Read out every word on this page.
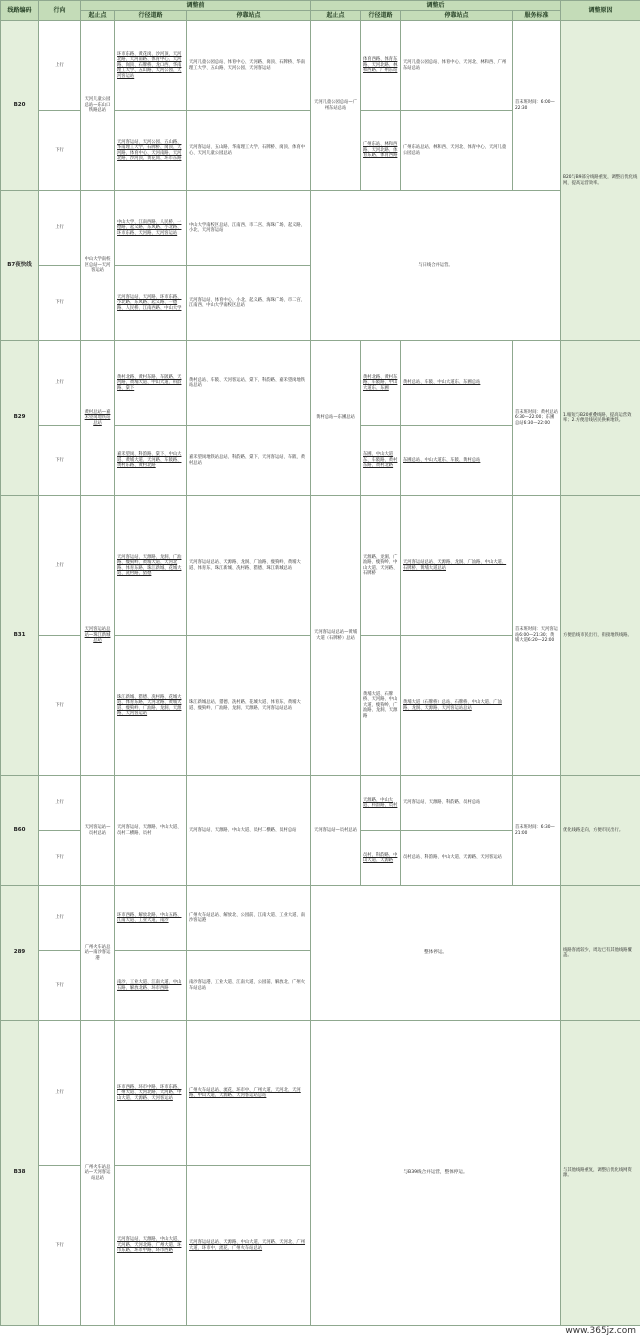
线路编码	行向	调整前			调整后				调整原因
		起止点	行径道路	停靠站点	起止点	行径道路	停靠站点	服务标准	
B20	上行	天河儿童公园总站—东山口铁路总站	环市东路、黄花岗、沙河顶、天河北路、天河南路、体育中心、天河路、岗顶、石牌桥、龙口西、华南理工大学、五山路、天河公园、天河客运站	天河儿童公园总站、体育中心、天河路、岗顶、石牌桥、华南理工大学、五山路、天河公园、天河客运站	天河儿童公园总站—广州东站总站	体育西路、体育东路、天河北路、林和西路、广州东站	天河儿童公园总站、体育中心、天河北、林和西、广州东站总站	首末班时间：6:00—22:30	B20与B9部分线路重复，调整后优化线网，提高运营效率。
	下行		天河客运站、天河公园、五山路、华南理工大学、石牌桥、岗顶、天河路、体育中心、天河南路、天河北路、沙河顶、黄花岗、环市东路	天河客运站、五山路、华南理工大学、石牌桥、岗顶、体育中心、天河儿童公园总站		广州东站、林和西路、天河北路、体育东路、体育西路	广州东站总站、林和西、天河北、体育中心、天河儿童公园总站		
B7夜快线	上行	中山大学南校区总站—天河客运站	中山大学、江南西路、人民桥、一德路、起义路、东风路、小北路、环市东路、天河路、天河客运站	中山大学南校区总站、江南西、市二宫、海珠广场、起义路、小北、天河客运站	与日线合并运营。				
	下行		天河客运站、天河路、环市东路、小北路、东风路、起义路、一德路、人民桥、江南西路、中山大学	天河客运站、体育中心、小北、起义路、海珠广场、市二宫、江南西、中山大学南校区总站					
B29	上行	黄村总站—嘉禾望岗地铁站总站	黄村北路、黄村东路、车陂路、天河路、黄埔大道、中山大道、科韵路、棠下	黄村总站、车陂、天河客运站、棠下、科韵路、嘉禾望岗地铁站总站	黄村总站—东圃总站	黄村北路、黄村东路、车陂路、中山大道东、东圃	黄村总站、车陂、中山大道东、东圃总站	首末班时间：黄村总站6:30—22:00；东圃总站6:30—22:00	1.缩短与B20重叠线路，提高运营效率；2.方便沿线居民换乘地铁。
	下行		嘉禾望岗、科韵路、棠下、中山大道、黄埔大道、天河路、车陂路、黄村东路、黄村北路	嘉禾望岗地铁站总站、科韵路、棠下、天河客运站、车陂、黄村总站		东圃、中山大道东、车陂路、黄村东路、黄村北路	东圃总站、中山大道东、车陂、黄村总站		
B31	上行	天河客运站总站—珠江新城总站	天河客运站、天源路、龙洞、广汕路、瘦狗岭、黄埔大道、天河北路、体育东路、珠江新城、花城大道、冼村路、猎德	天河客运站总站、天源路、龙洞、广汕路、瘦狗岭、黄埔大道、体育东、珠江新城、冼村路、猎德、珠江新城总站	天河客运站总站—黄埔大道（石牌桥）总站	天源路、龙洞、广汕路、瘦狗岭、中山大道、天河路、石牌桥	天河客运站总站、天源路、龙洞、广汕路、中山大道、石牌桥、黄埔大道总站	首末班时间：天河客运站6:00—21:30；黄埔大道6:20—22:00	方便沿线市民出行，衔接地铁线路。
	下行		珠江新城、猎德、冼村路、花城大道、体育东路、天河北路、黄埔大道、瘦狗岭、广汕路、龙洞、天源路、天河客运站	珠江新城总站、猎德、冼村路、花城大道、体育东、黄埔大道、瘦狗岭、广汕路、龙洞、天源路、天河客运站总站		黄埔大道、石牌桥、天河路、中山大道、瘦狗岭、广汕路、龙洞、天源路	黄埔大道（石牌桥）总站、石牌桥、中山大道、广汕路、龙洞、天源路、天河客运站总站		
B60	上行	天河客运站—员村总站	天河客运站、天源路、中山大道、员村二横路、员村	天河客运站、天源路、中山大道、员村二横路、员村总站	天河客运站—员村总站	天源路、中山大道、科韵路、员村	天河客运站、天源路、科韵路、员村总站	首末班时间：6:30—21:00	优化线路走向，方便市民出行。
	下行					员村、科韵路、中山大道、天源路	员村总站、科韵路、中山大道、天源路、天河客运站		
289	上行	广州火车站总站—南沙客运港	环市西路、解放北路、中山五路、江南大道、工业大道、南沙	广州火车站总站、解放北、公园前、江南大道、工业大道、南沙客运港	整体停运。				线路客流较少，周边已有其他线路覆盖。
	下行		南沙、工业大道、江南大道、中山五路、解放北路、环市西路	南沙客运港、工业大道、江南大道、公园前、解放北、广州火车站总站					
B38	上行	广州火车站总站—天河客运站总站	环市西路、环市中路、环市东路、广州大道、天河北路、天河路、中山大道、天源路、天河客运站	广州火车站总站、流花、环市中、广州大道、天河北、天河路、中山大道、天源路、天河客运站总站	与B39线合并运营，整体停运。				与其他线路重复，调整后优化线网资源。
	下行		天河客运站、天源路、中山大道、天河路、天河北路、广州大道、环市东路、环市中路、环市西路	天河客运站总站、天源路、中山大道、天河路、天河北、广州大道、环市中、流花、广州火车站总站					
www.365jz.com
